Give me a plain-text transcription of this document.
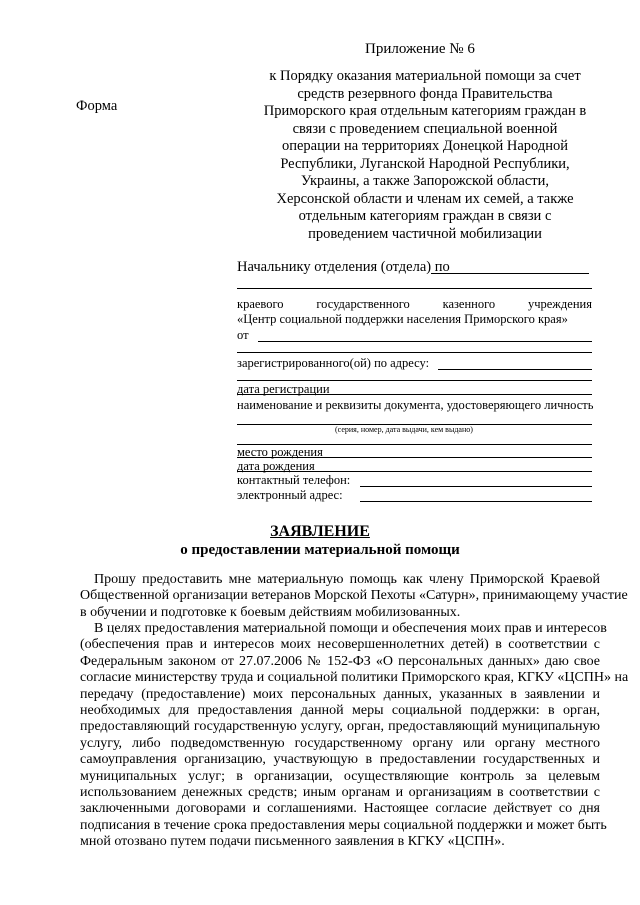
Приложение № 6
к Порядку оказания материальной помощи за счет
средств резервного фонда Правительства
Приморского края отдельным категориям граждан в
связи с проведением специальной военной
операции на территориях Донецкой Народной
Республики, Луганской Народной Республики,
Украины, а также Запорожской области,
Херсонской области и членам их семей, а также
отдельным категориям граждан в связи с
проведением частичной мобилизации
Форма
Начальнику отделения (отдела) по
краевого	государственного	казенного	учреждения
«Центр социальной поддержки населения Приморского края»
от
зарегистрированного(ой) по адресу:
дата регистрации
наименование и реквизиты документа, удостоверяющего личность
(серия, номер, дата выдачи, кем выдано)
место рождения
дата рождения
контактный телефон:
электронный адрес:
ЗАЯВЛЕНИЕ
о предоставлении материальной помощи
Прошу предоставить мне материальную помощь как члену Приморской Краевой
Общественной организации ветеранов Морской Пехоты «Сатурн», принимающему участие
в обучении и подготовке к боевым действиям мобилизованных.
В целях предоставления материальной помощи и обеспечения моих прав и интересов
(обеспечения прав и интересов моих несовершеннолетних детей) в соответствии с
Федеральным законом от 27.07.2006 № 152-ФЗ «О персональных данных» даю свое
согласие министерству труда и социальной политики Приморского края, КГКУ «ЦСПН» на
передачу (предоставление) моих персональных данных, указанных в заявлении и
необходимых для предоставления данной меры социальной поддержки: в орган,
предоставляющий государственную услугу, орган, предоставляющий муниципальную
услугу, либо подведомственную государственному органу или органу местного
самоуправления организацию, участвующую в предоставлении государственных и
муниципальных услуг; в организации, осуществляющие контроль за целевым
использованием денежных средств; иным органам и организациям в соответствии с
заключенными договорами и соглашениями. Настоящее согласие действует со дня
подписания в течение срока предоставления меры социальной поддержки и может быть
мной отозвано путем подачи письменного заявления в КГКУ «ЦСПН».
